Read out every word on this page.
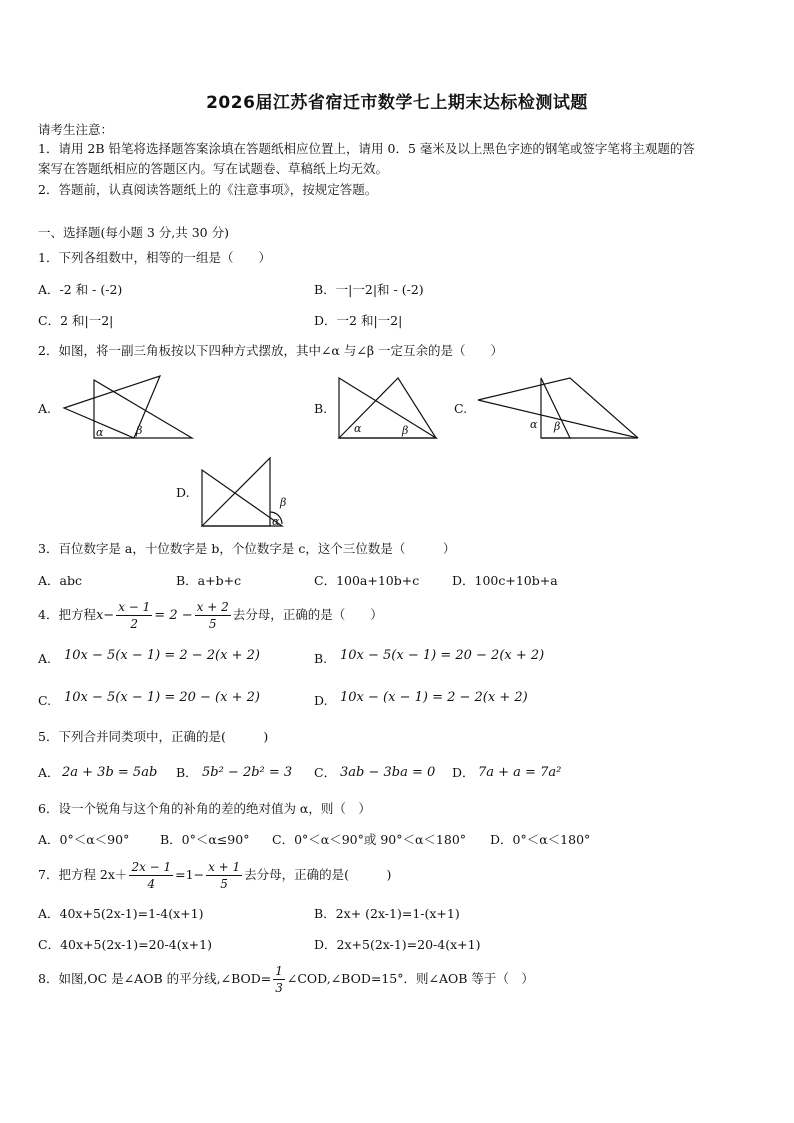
2026届江苏省宿迁市数学七上期末达标检测试题
请考生注意：
1．请用 2B 铅笔将选择题答案涂填在答题纸相应位置上，请用 0．5 毫米及以上黑色字迹的钢笔或签字笔将主观题的答
案写在答题纸相应的答题区内。写在试题卷、草稿纸上均无效。
2．答题前，认真阅读答题纸上的《注意事项》，按规定答题。
一、选择题(每小题 3 分,共 30 分)
1．下列各组数中，相等的一组是（　　）
A．-2 和 - (-2)	B．一|一2|和 - (-2)
C．2 和|一2|	D．一2 和|一2|
2．如图，将一副三角板按以下四种方式摆放，其中∠α 与∠β 一定互余的是（　　）
A.
α	β
B.
α	β
C.
α β
D.
β
α
3．百位数字是 a，十位数字是 b，个位数字是 c，这个三位数是（　　　）
A．abc	B．a+b+c	C．100a+10b+c	D．100c+10b+a
4．把方程$x- \frac{x - 1}{2} = 2 - \frac{x + 2}{5}$ 去分母，正确的是（　　）
A. 10x − 5(x − 1) = 2 − 2(x + 2)	B. 10x − 5(x − 1) = 20 − 2(x + 2)
C. 10x − 5(x − 1) = 20 − (x + 2)	D. 10x − (x − 1) = 2 − 2(x + 2)
5．下列合并同类项中，正确的是(　　　)
A． 2a + 3b = 5ab B． 5b² − 2b² = 3 C． 3ab − 3ba = 0 D． 7a + a = 7a²
6．设一个锐角与这个角的补角的差的绝对值为 α，则（　）
A．0°＜α＜90° B．0°＜α≤90° C．0°＜α＜90°或 90°＜α＜180° D．0°＜α＜180°
7．把方程 $2x+ \frac{2x - 1}{4} =1- \frac{x + 1}{5}$ 去分母，正确的是(　　　)
A．40x+5(2x-1)=1-4(x+1)	B．2x+ (2x-1)=1-(x+1)
C．40x+5(2x-1)=20-4(x+1)	D．2x+5(2x-1)=20-4(x+1)
8．如图,OC 是∠AOB 的平分线,∠BOD= $\frac{1}{3}$ ∠COD,∠BOD=15°．则∠AOB 等于（　）
